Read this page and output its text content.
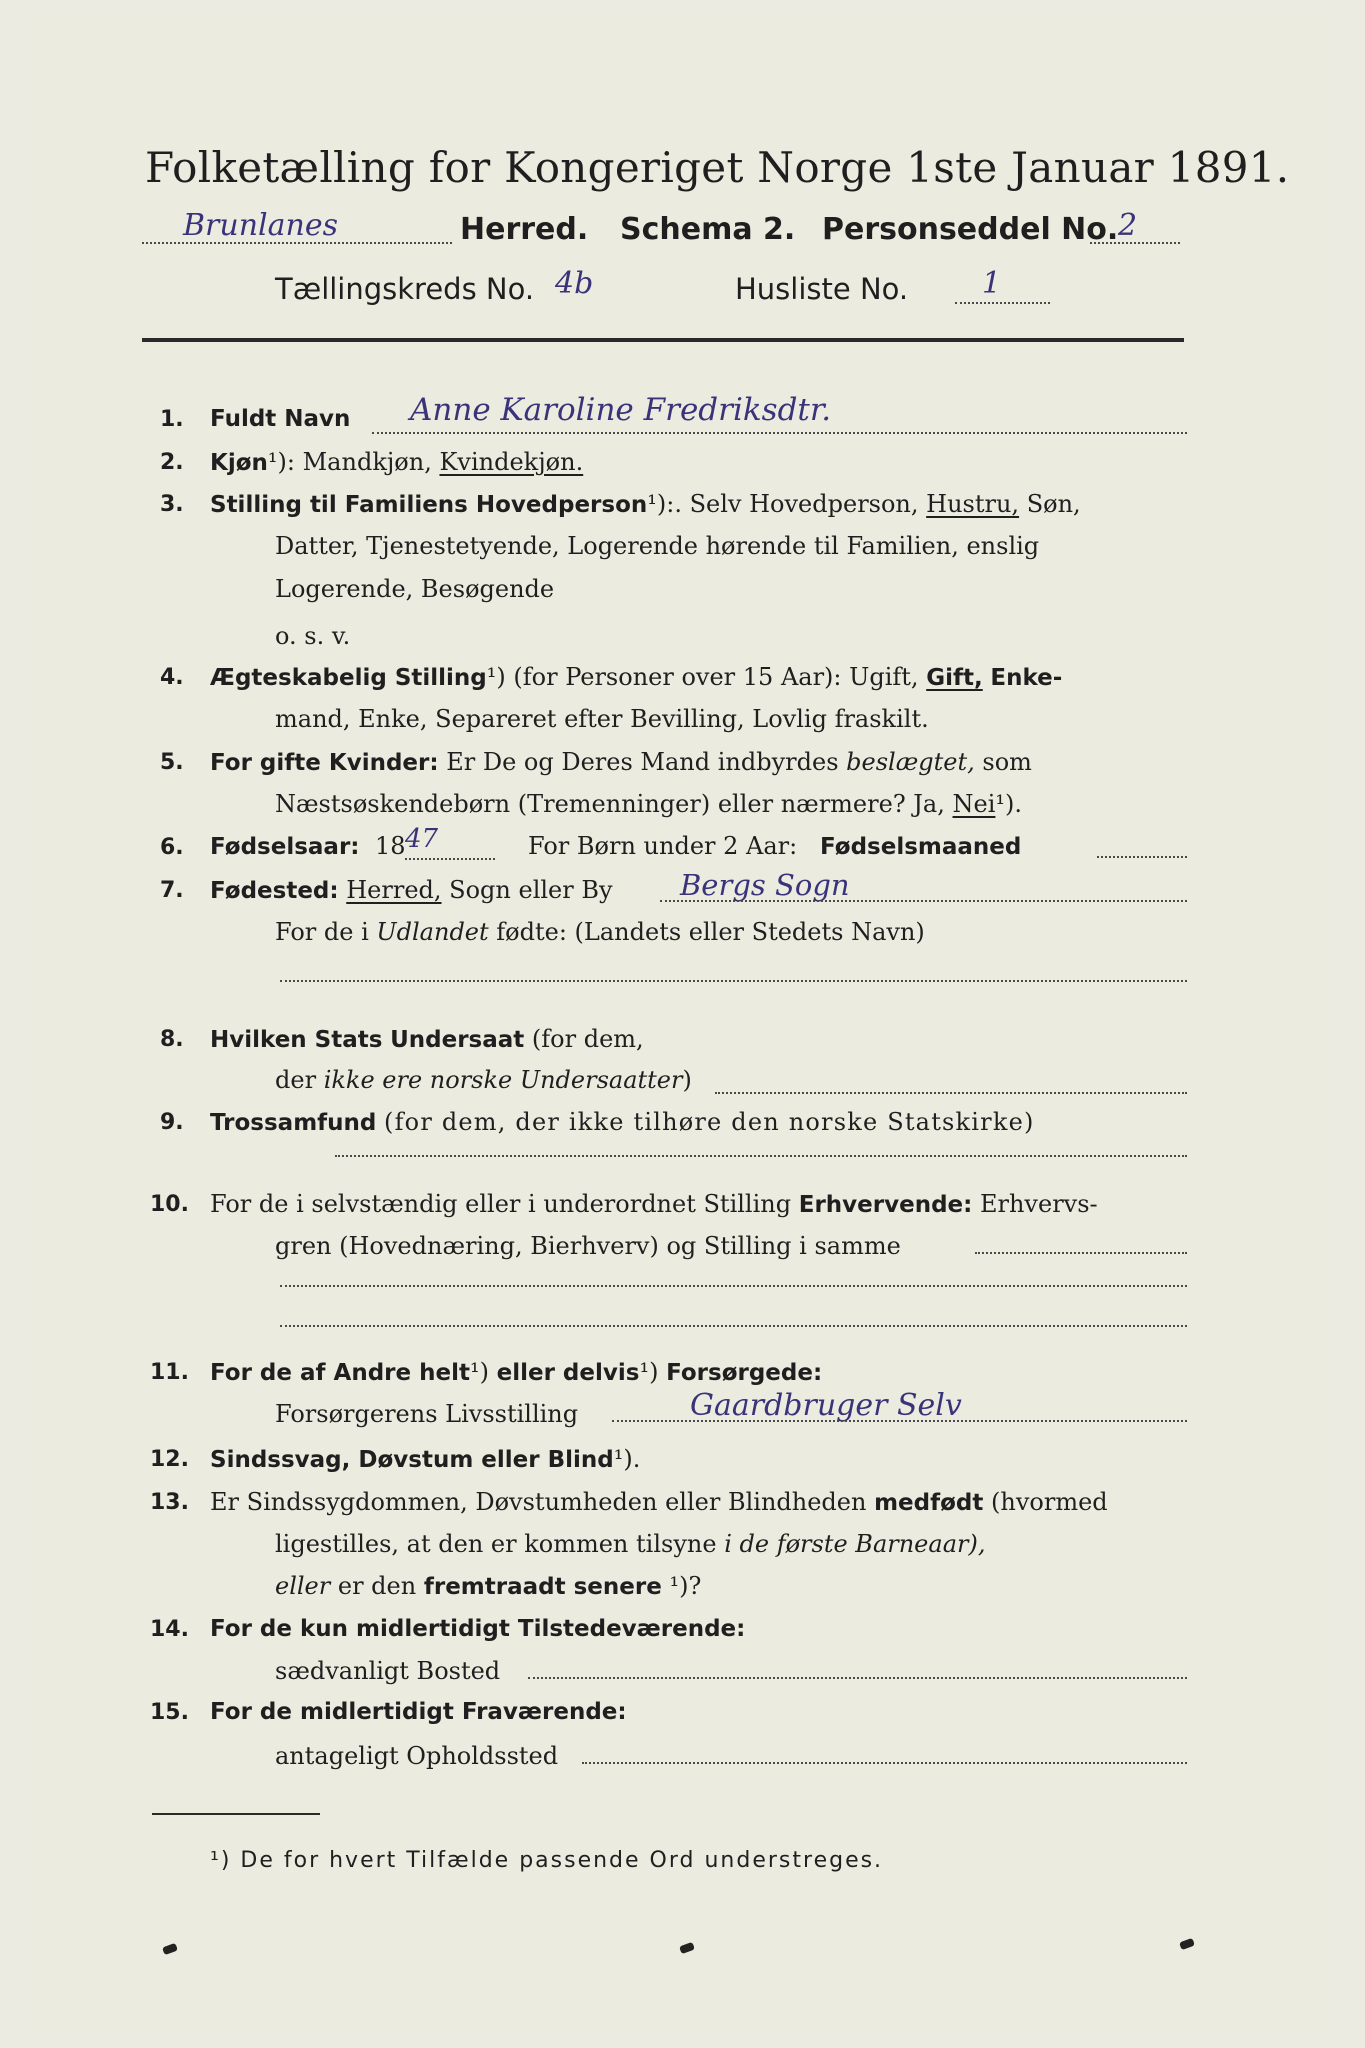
Folketælling for Kongeriget Norge 1ste Januar 1891.
Brunlanes	Herred. Schema 2. Personseddel No. 2
Tællingskreds No. 4b	Husliste No. 1
1. Fuldt Navn Anne Karoline Fredriksdtr.
2. Kjøn¹): Mandkjøn, Kvindekjøn.
3. Stilling til Familiens Hovedperson¹):. Selv Hovedperson, Hustru, Søn,
Datter, Tjenestetyende, Logerende hørende til Familien, enslig
Logerende, Besøgende
o. s. v.
4. Ægteskabelig Stilling¹) (for Personer over 15 Aar): Ugift, Gift, Enke-
mand, Enke, Separeret efter Bevilling, Lovlig fraskilt.
5. For gifte Kvinder: Er De og Deres Mand indbyrdes beslægtet, som
Næstsøskendebørn (Tremenninger) eller nærmere? Ja, Nei¹).
6. Fødselsaar: 18 47	For Børn under 2 Aar: Fødselsmaaned
7. Fødested: Herred, Sogn eller By Bergs Sogn
For de i Udlandet fødte: (Landets eller Stedets Navn)
8. Hvilken Stats Undersaat (for dem,
der ikke ere norske Undersaatter)
9. Trossamfund (for dem, der ikke tilhøre den norske Statskirke)
10. For de i selvstændig eller i underordnet Stilling Erhvervende: Erhvervs-
gren (Hovednæring, Bierhverv) og Stilling i samme
11. For de af Andre helt¹) eller delvis¹) Forsørgede:
Forsørgerens Livsstilling	Gaardbruger Selv
12. Sindssvag, Døvstum eller Blind¹).
13. Er Sindssygdommen, Døvstumheden eller Blindheden medfødt (hvormed
ligestilles, at den er kommen tilsyne i de første Barneaar),
eller er den fremtraadt senere ¹)?
14. For de kun midlertidigt Tilstedeværende:
sædvanligt Bosted
15. For de midlertidigt Fraværende:
antageligt Opholdssted
¹) De for hvert Tilfælde passende Ord understreges.
